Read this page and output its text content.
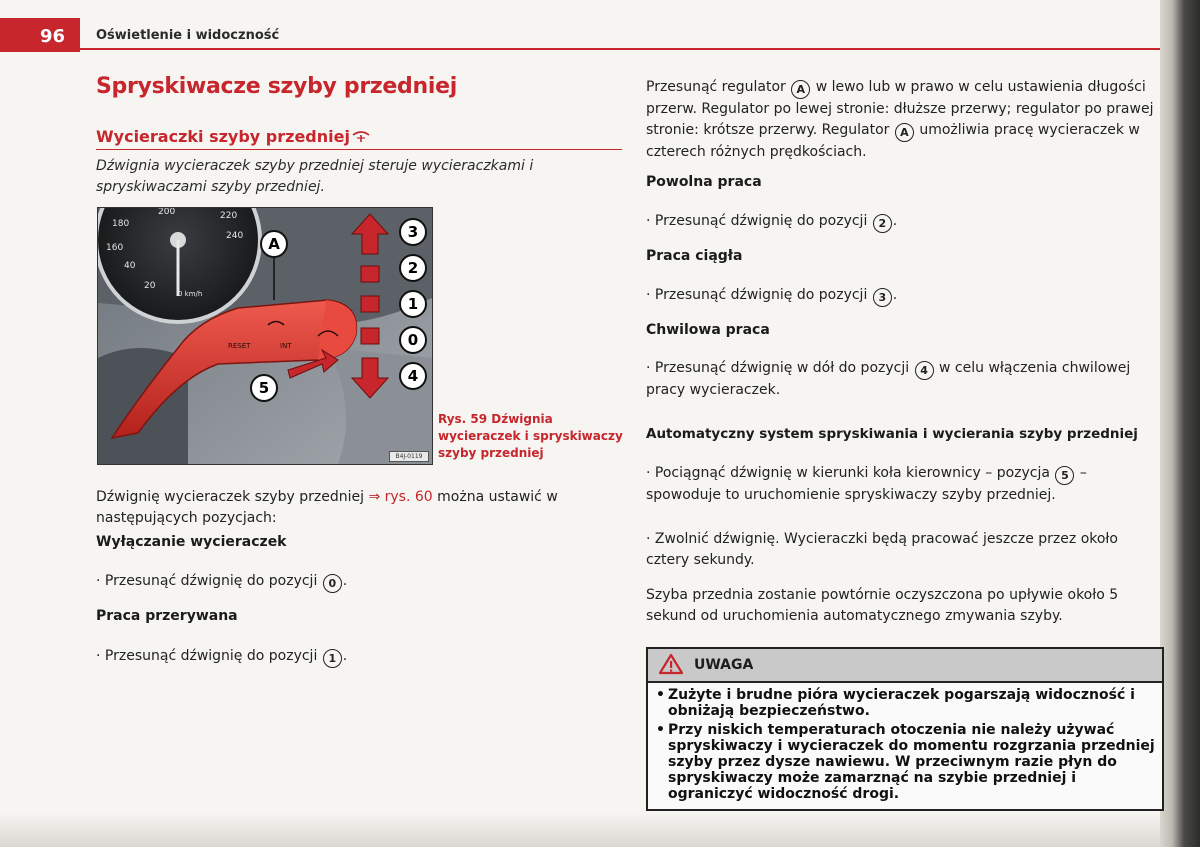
96 Oświetlenie i widoczność
Spryskiwacze szyby przedniej
Wycieraczki szyby przedniej
Dźwignia wycieraczek szyby przedniej steruje wycieraczkami i spryskiwaczami szyby przedniej.
180
200	220
240
160
40
20
0 km/h
RESET	INT
A
5
3
2
1
0
4
B4J-0119
Rys. 59 Dźwignia wycieraczek i spryskiwaczy szyby przedniej
Dźwignię wycieraczek szyby przedniej ⇒ rys. 60 można ustawić w następujących pozycjach:
Wyłączanie wycieraczek
· Przesunąć dźwignię do pozycji 0 .
Praca przerywana
· Przesunąć dźwignię do pozycji 1 .
Przesunąć regulator A w lewo lub w prawo w celu ustawienia długości przerw. Regulator po lewej stronie: dłuższe przerwy; regulator po prawej stronie: krótsze przerwy. Regulator A umożliwia pracę wycieraczek w czterech różnych prędkościach.
Powolna praca
· Przesunąć dźwignię do pozycji 2 .
Praca ciągła
· Przesunąć dźwignię do pozycji 3 .
Chwilowa praca
· Przesunąć dźwignię w dół do pozycji 4 w celu włączenia chwilowej pracy wycieraczek.
Automatyczny system spryskiwania i wycierania szyby przedniej
· Pociągnąć dźwignię w kierunki koła kierownicy – pozycja 5 – spowoduje to uruchomienie spryskiwaczy szyby przedniej.
· Zwolnić dźwignię. Wycieraczki będą pracować jeszcze przez około cztery sekundy.
Szyba przednia zostanie powtórnie oczyszczona po upływie około 5 sekund od uruchomienia automatycznego zmywania szyby.
UWAGA
• Zużyte i brudne pióra wycieraczek pogarszają widoczność i obniżają bezpieczeństwo.
• Przy niskich temperaturach otoczenia nie należy używać spryskiwaczy i wycieraczek do momentu rozgrzania przedniej szyby przez dysze nawiewu. W przeciwnym razie płyn do spryskiwaczy może zamarznąć na szybie przedniej i ograniczyć widoczność drogi.
